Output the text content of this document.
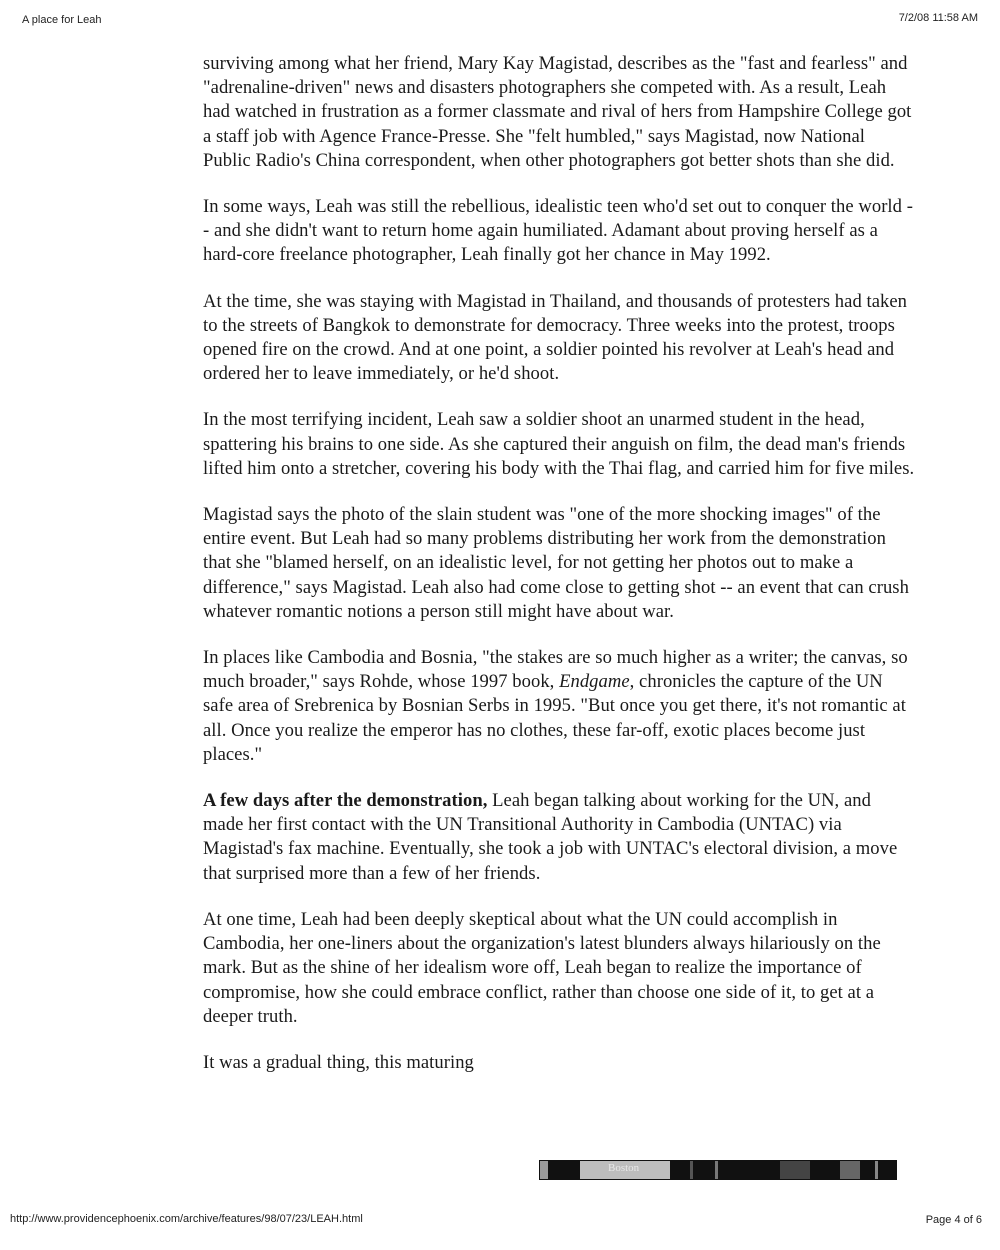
A place for Leah	7/2/08 11:58 AM

surviving among what her friend, Mary Kay Magistad, describes as the "fast and fearless" and "adrenaline-driven" news and disasters photographers she competed with. As a result, Leah had watched in frustration as a former classmate and rival of hers from Hampshire College got a staff job with Agence France-Presse. She "felt humbled," says Magistad, now National Public Radio's China correspondent, when other photographers got better shots than she did.

In some ways, Leah was still the rebellious, idealistic teen who'd set out to conquer the world -- and she didn't want to return home again humiliated. Adamant about proving herself as a hard-core freelance photographer, Leah finally got her chance in May 1992.

At the time, she was staying with Magistad in Thailand, and thousands of protesters had taken to the streets of Bangkok to demonstrate for democracy. Three weeks into the protest, troops opened fire on the crowd. And at one point, a soldier pointed his revolver at Leah's head and ordered her to leave immediately, or he'd shoot.

In the most terrifying incident, Leah saw a soldier shoot an unarmed student in the head, spattering his brains to one side. As she captured their anguish on film, the dead man's friends lifted him onto a stretcher, covering his body with the Thai flag, and carried him for five miles.

Magistad says the photo of the slain student was "one of the more shocking images" of the entire event. But Leah had so many problems distributing her work from the demonstration that she "blamed herself, on an idealistic level, for not getting her photos out to make a difference," says Magistad. Leah also had come close to getting shot -- an event that can crush whatever romantic notions a person still might have about war.

In places like Cambodia and Bosnia, "the stakes are so much higher as a writer; the canvas, so much broader," says Rohde, whose 1997 book, Endgame, chronicles the capture of the UN safe area of Srebrenica by Bosnian Serbs in 1995. "But once you get there, it's not romantic at all. Once you realize the emperor has no clothes, these far-off, exotic places become just places."

A few days after the demonstration, Leah began talking about working for the UN, and made her first contact with the UN Transitional Authority in Cambodia (UNTAC) via Magistad's fax machine. Eventually, she took a job with UNTAC's electoral division, a move that surprised more than a few of her friends.

At one time, Leah had been deeply skeptical about what the UN could accomplish in Cambodia, her one-liners about the organization's latest blunders always hilariously on the mark. But as the shine of her idealism wore off, Leah began to realize the importance of compromise, how she could embrace conflict, rather than choose one side of it, to get at a deeper truth.

It was a gradual thing, this maturing
Boston
http://www.providencephoenix.com/archive/features/98/07/23/LEAH.html	Page 4 of 6
